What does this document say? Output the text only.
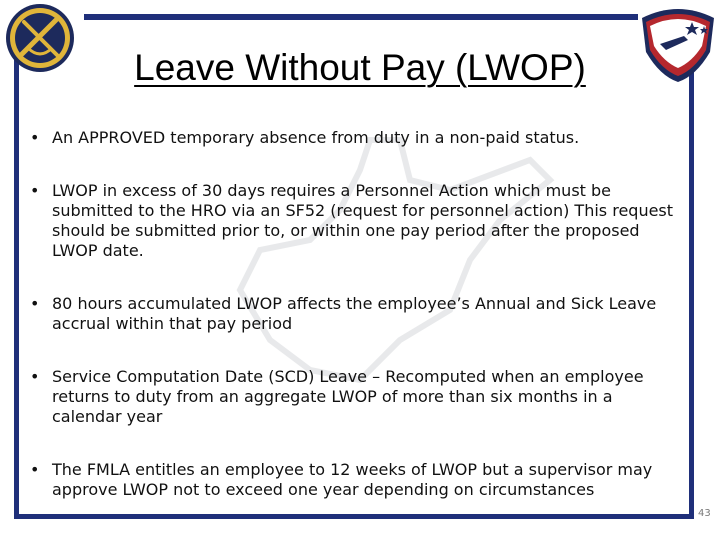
Leave Without Pay (LWOP)
• An APPROVED temporary absence from duty in a non-paid status.
• LWOP in excess of 30 days requires a Personnel Action which must be submitted to the HRO via an SF52 (request for personnel action) This request should be submitted prior to, or within one pay period after the proposed LWOP date.
• 80 hours accumulated LWOP affects the employee’s Annual and Sick Leave accrual within that pay period
• Service Computation Date (SCD) Leave – Recomputed when an employee returns to duty from an aggregate LWOP of more than six months in a calendar year
• The FMLA entitles an employee to 12 weeks of LWOP but a supervisor may approve LWOP not to exceed one year depending on circumstances
43
